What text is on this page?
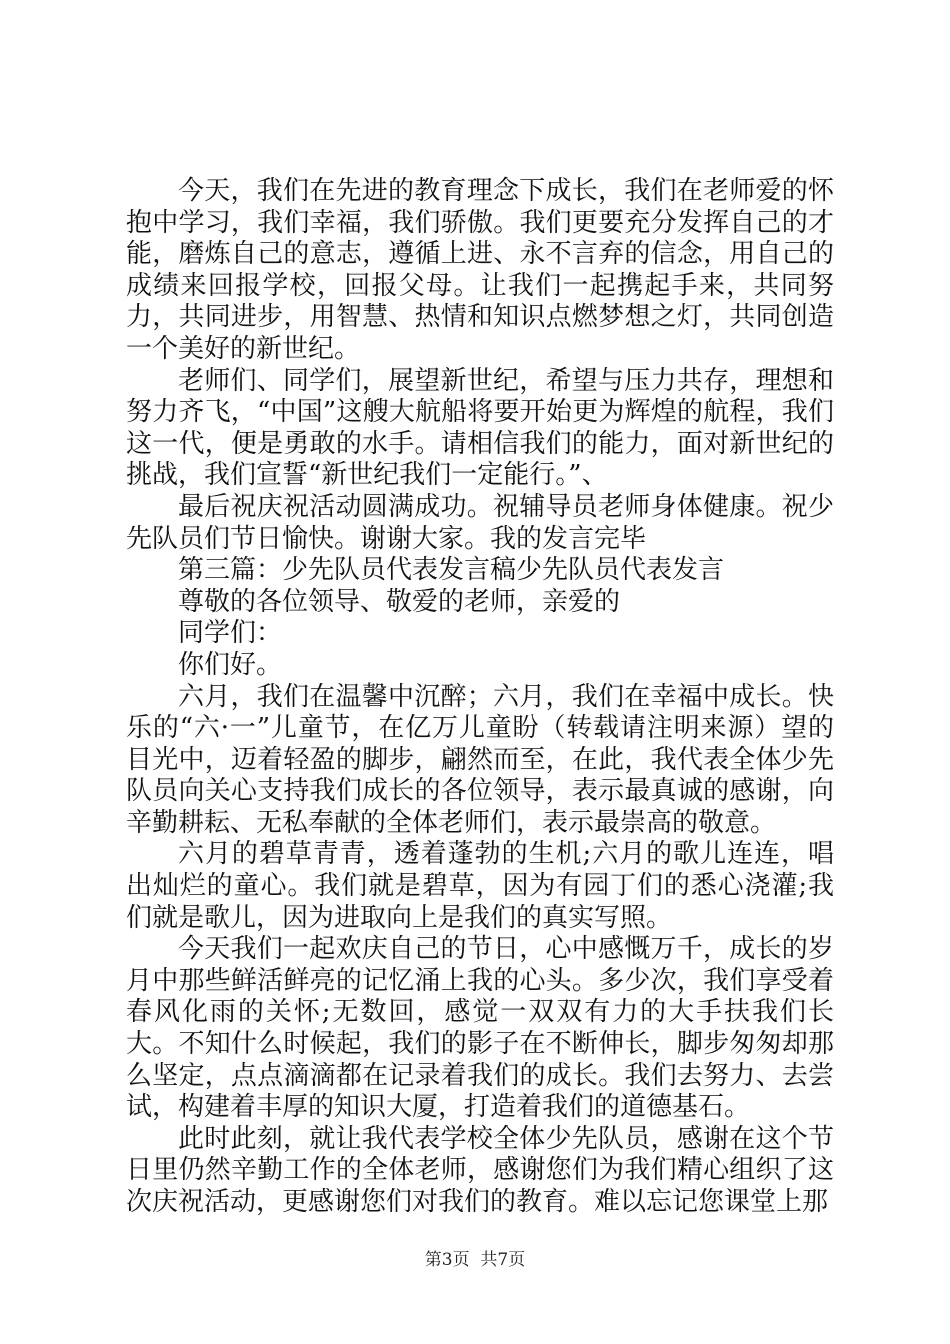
今天，我们在先进的教育理念下成长，我们在老师爱的怀抱中学习，我们幸福，我们骄傲。我们更要充分发挥自己的才能，磨炼自己的意志，遵循上进、永不言弃的信念，用自己的成绩来回报学校，回报父母。让我们一起携起手来，共同努力，共同进步，用智慧、热情和知识点燃梦想之灯，共同创造一个美好的新世纪。

老师们、同学们，展望新世纪，希望与压力共存，理想和努力齐飞，“中国”这艘大航船将要开始更为辉煌的航程，我们这一代，便是勇敢的水手。请相信我们的能力，面对新世纪的挑战，我们宣誓“新世纪我们一定能行。”、

最后祝庆祝活动圆满成功。祝辅导员老师身体健康。祝少先队员们节日愉快。谢谢大家。我的发言完毕

第三篇：少先队员代表发言稿少先队员代表发言

尊敬的各位领导、敬爱的老师，亲爱的

同学们：

你们好。

六月，我们在温馨中沉醉；六月，我们在幸福中成长。快乐的“六·一”儿童节，在亿万儿童盼（转载请注明来源）望的目光中，迈着轻盈的脚步，翩然而至，在此，我代表全体少先队员向关心支持我们成长的各位领导，表示最真诚的感谢，向辛勤耕耘、无私奉献的全体老师们，表示最崇高的敬意。

六月的碧草青青，透着蓬勃的生机;六月的歌儿连连，唱出灿烂的童心。我们就是碧草，因为有园丁们的悉心浇灌;我们就是歌儿，因为进取向上是我们的真实写照。

今天我们一起欢庆自己的节日，心中感慨万千，成长的岁月中那些鲜活鲜亮的记忆涌上我的心头。多少次，我们享受着春风化雨的关怀;无数回，感觉一双双有力的大手扶我们长大。不知什么时候起，我们的影子在不断伸长，脚步匆匆却那么坚定，点点滴滴都在记录着我们的成长。我们去努力、去尝试，构建着丰厚的知识大厦，打造着我们的道德基石。

此时此刻，就让我代表学校全体少先队员，感谢在这个节日里仍然辛勤工作的全体老师，感谢您们为我们精心组织了这次庆祝活动，更感谢您们对我们的教育。难以忘记您课堂上那

第3页  共7页
